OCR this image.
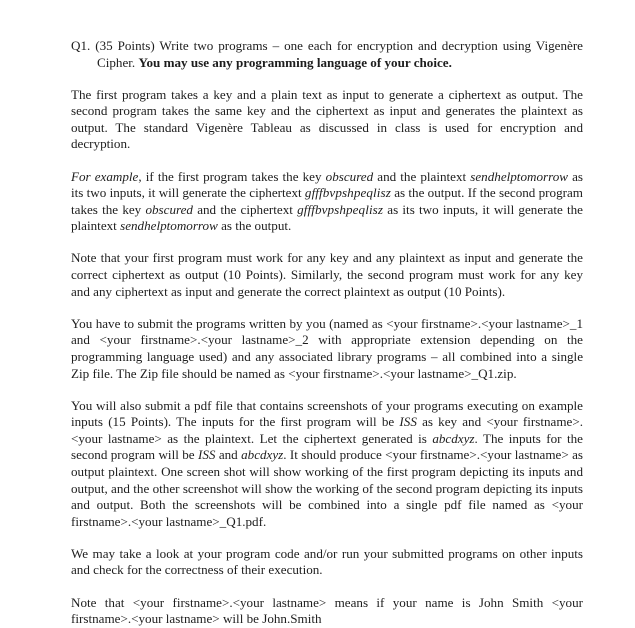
Q1. (35 Points) Write two programs – one each for encryption and decryption using Vigenère Cipher. You may use any programming language of your choice.

The first program takes a key and a plain text as input to generate a ciphertext as output. The second program takes the same key and the ciphertext as input and generates the plaintext as output. The standard Vigenère Tableau as discussed in class is used for encryption and decryption.

For example, if the first program takes the key obscured and the plaintext sendhelptomorrow as its two inputs, it will generate the ciphertext gfffbvpshpeqlisz as the output. If the second program takes the key obscured and the ciphertext gfffbvpshpeqlisz as its two inputs, it will generate the plaintext sendhelptomorrow as the output.

Note that your first program must work for any key and any plaintext as input and generate the correct ciphertext as output (10 Points). Similarly, the second program must work for any key and any ciphertext as input and generate the correct plaintext as output (10 Points).

You have to submit the programs written by you (named as <your firstname>.<your lastname>_1 and <your firstname>.<your lastname>_2 with appropriate extension depending on the programming language used) and any associated library programs – all combined into a single Zip file. The Zip file should be named as <your firstname>.<your lastname>_Q1.zip.

You will also submit a pdf file that contains screenshots of your programs executing on example inputs (15 Points). The inputs for the first program will be ISS as key and <your firstname>.<your lastname> as the plaintext. Let the ciphertext generated is abcdxyz. The inputs for the second program will be ISS and abcdxyz. It should produce <your firstname>.<your lastname> as output plaintext. One screen shot will show working of the first program depicting its inputs and output, and the other screenshot will show the working of the second program depicting its inputs and output. Both the screenshots will be combined into a single pdf file named as <your firstname>.<your lastname>_Q1.pdf.

We may take a look at your program code and/or run your submitted programs on other inputs and check for the correctness of their execution.

Note that <your firstname>.<your lastname> means if your name is John Smith <your firstname>.<your lastname> will be John.Smith
